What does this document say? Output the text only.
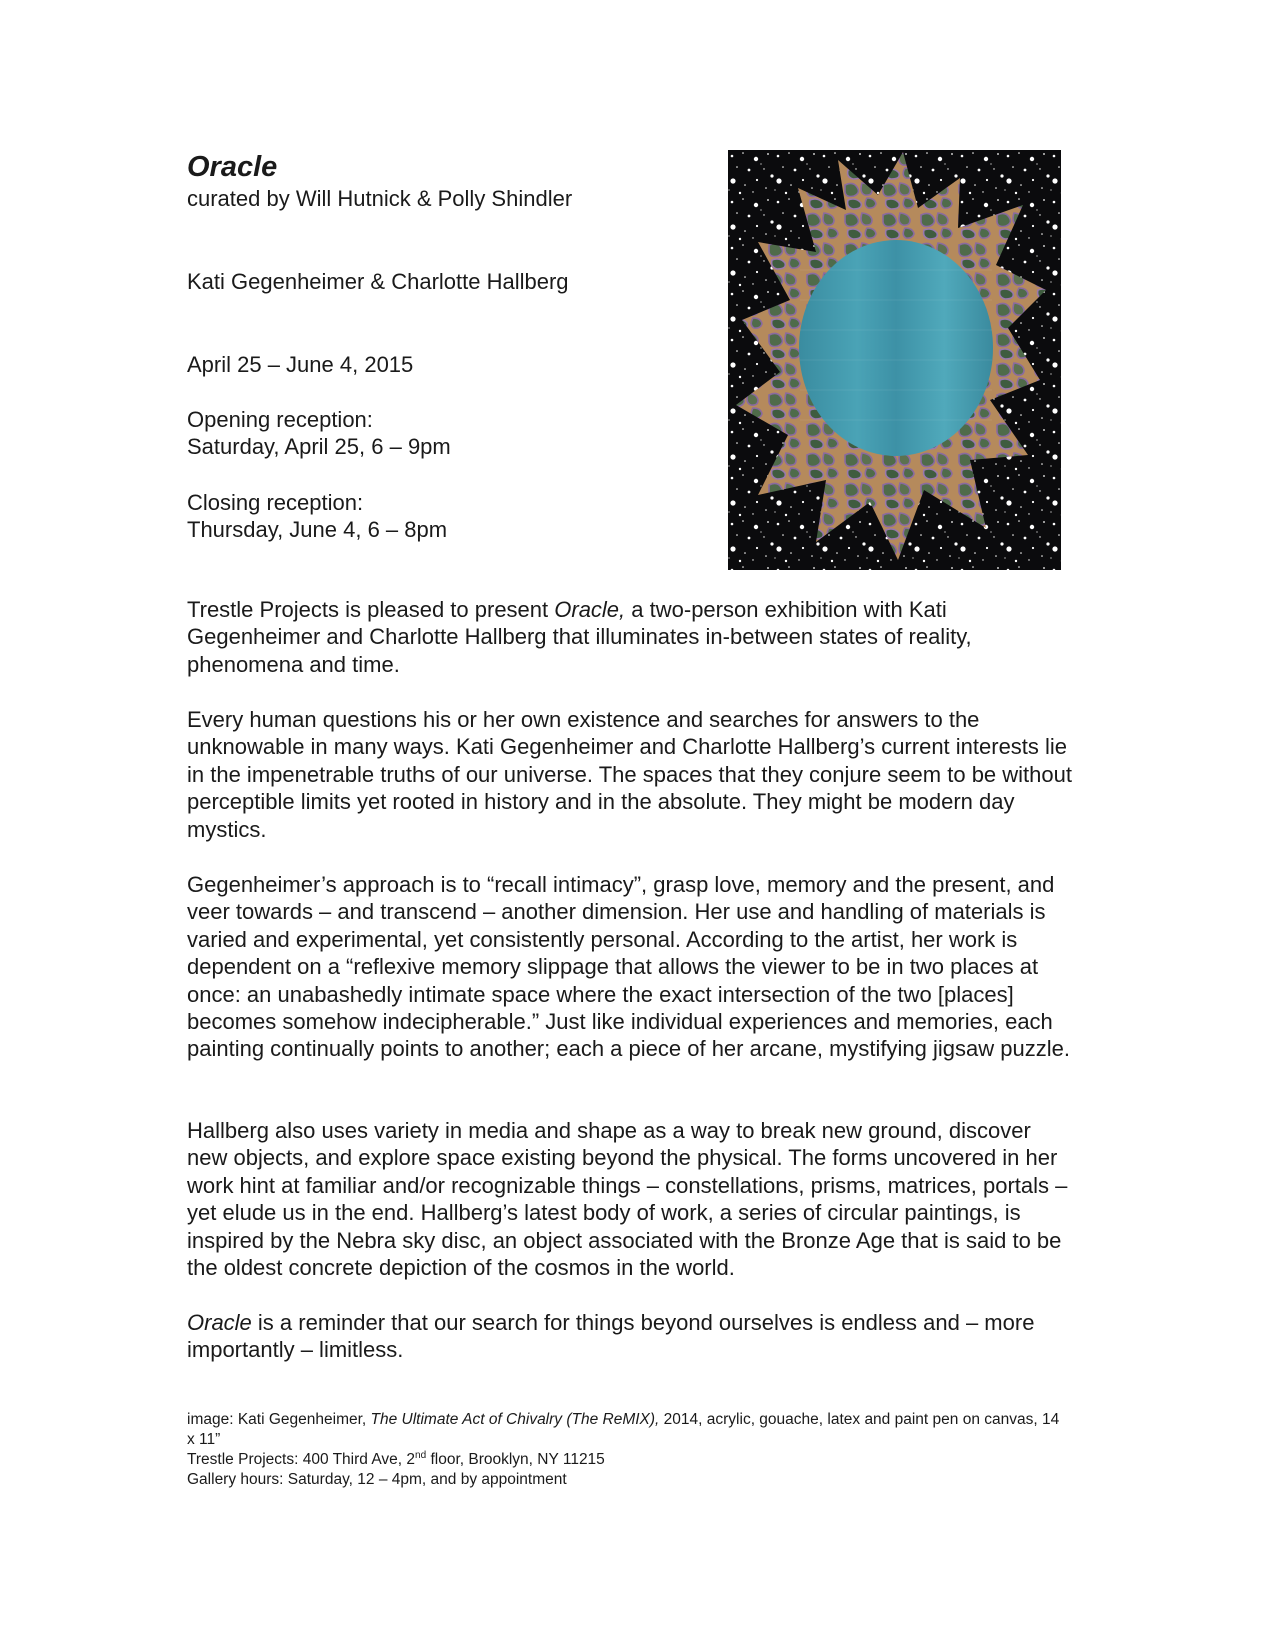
Oracle
curated by Will Hutnick & Polly Shindler
Kati Gegenheimer & Charlotte Hallberg
April 25 – June 4, 2015
Opening reception:
Saturday, April 25, 6 – 9pm
Closing reception:
Thursday, June 4, 6 – 8pm

Trestle Projects is pleased to present Oracle, a two-person exhibition with Kati Gegenheimer and Charlotte Hallberg that illuminates in-between states of reality, phenomena and time.

Every human questions his or her own existence and searches for answers to the unknowable in many ways. Kati Gegenheimer and Charlotte Hallberg’s current interests lie in the impenetrable truths of our universe. The spaces that they conjure seem to be without perceptible limits yet rooted in history and in the absolute. They might be modern day mystics.

Gegenheimer’s approach is to “recall intimacy”, grasp love, memory and the present, and veer towards – and transcend – another dimension. Her use and handling of materials is varied and experimental, yet consistently personal. According to the artist, her work is dependent on a “reflexive memory slippage that allows the viewer to be in two places at once: an unabashedly intimate space where the exact intersection of the two [places] becomes somehow indecipherable.” Just like individual experiences and memories, each painting continually points to another; each a piece of her arcane, mystifying jigsaw puzzle.

Hallberg also uses variety in media and shape as a way to break new ground, discover new objects, and explore space existing beyond the physical. The forms uncovered in her work hint at familiar and/or recognizable things – constellations, prisms, matrices, portals – yet elude us in the end. Hallberg’s latest body of work, a series of circular paintings, is inspired by the Nebra sky disc, an object associated with the Bronze Age that is said to be the oldest concrete depiction of the cosmos in the world.

Oracle is a reminder that our search for things beyond ourselves is endless and – more importantly – limitless.

image: Kati Gegenheimer, The Ultimate Act of Chivalry (The ReMIX), 2014, acrylic, gouache, latex and paint pen on canvas, 14 x 11”
Trestle Projects: 400 Third Ave, 2nd floor, Brooklyn, NY 11215
Gallery hours: Saturday, 12 – 4pm, and by appointment
